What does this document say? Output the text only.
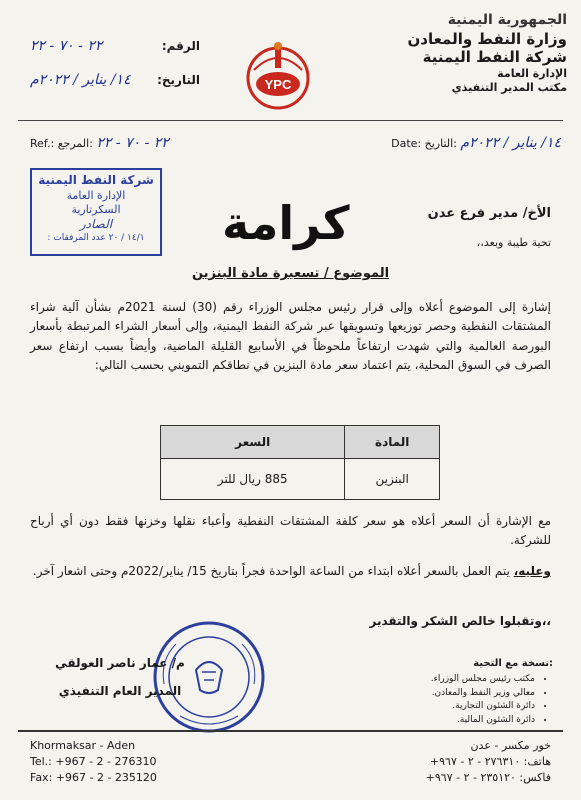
الجمهورية اليمنية
وزارة النفط والمعادن
شركة النفط اليمنية
الإدارة العامة
مكتب المدير التنفيذي
YPC
٢٢ - ٧٠ - ٢٢	:الرقم
١٤/ يناير / ٢٠٢٢م :التاريخ
Ref.:	٢٢ - ٧٠ - ٢٢ :المرجع	Date:	١٤/ يناير / ٢٠٢٢م :التاريخ
شركة النفط اليمنية
الإدارة العامة
السكرتارية
الصادر
١٤/١ / ٢٠ عدد المرفقات :	كرامة	الأخ/ مدير فرع عدن
تحية طيبة وبعد،،
الموضوع / تسعيرة مادة البنزين
إشارة إلى الموضوع أعلاه وإلى قرار رئيس مجلس الوزراء رقم (30) لسنة 2021م بشأن آلية شراء المشتقات النفطية وحصر توزيعها وتسويقها عبر شركة النفط اليمنية، وإلى أسعار الشراء المرتبطة بأسعار البورصة العالمية والتي شهدت ارتفاعاً ملحوظاً في الأسابيع القليلة الماضية، وأيضاً بسبب ارتفاع سعر الصرف في السوق المحلية، يتم اعتماد سعر مادة البنزين في نطاقكم التمويني بحسب التالي:
المادة	السعر
البنزين	885 ريال للتر
مع الإشارة أن السعر أعلاه هو سعر كلفة المشتقات النفطية وأعباء نقلها وخزنها فقط دون أي أرباح للشركة.
وعليه، يتم العمل بالسعر أعلاه ابتداء من الساعة الواحدة فجراً بتاريخ 15/ يناير/2022م وحتى اشعار آخر.
،،وتقبلوا خالص الشكر والتقدير
م/ عمار ناصر العولقي
المدير العام التنفيذي
:نسخة مع التحية
• مكتب رئيس مجلس الوزراء.
• معالي وزير النفط والمعادن.
• دائرة الشئون التجارية.
• دائرة الشئون المالية.
Khormaksar - Aden
Tel.: +967 - 2 - 276310
Fax: +967 - 2 - 235120
خور مكسر - عدن
هاتف: ٢٧٦٣١٠ - ٢ - ٩٦٧+
فاكس: ٢٣٥١٢٠ - ٢ - ٩٦٧+
